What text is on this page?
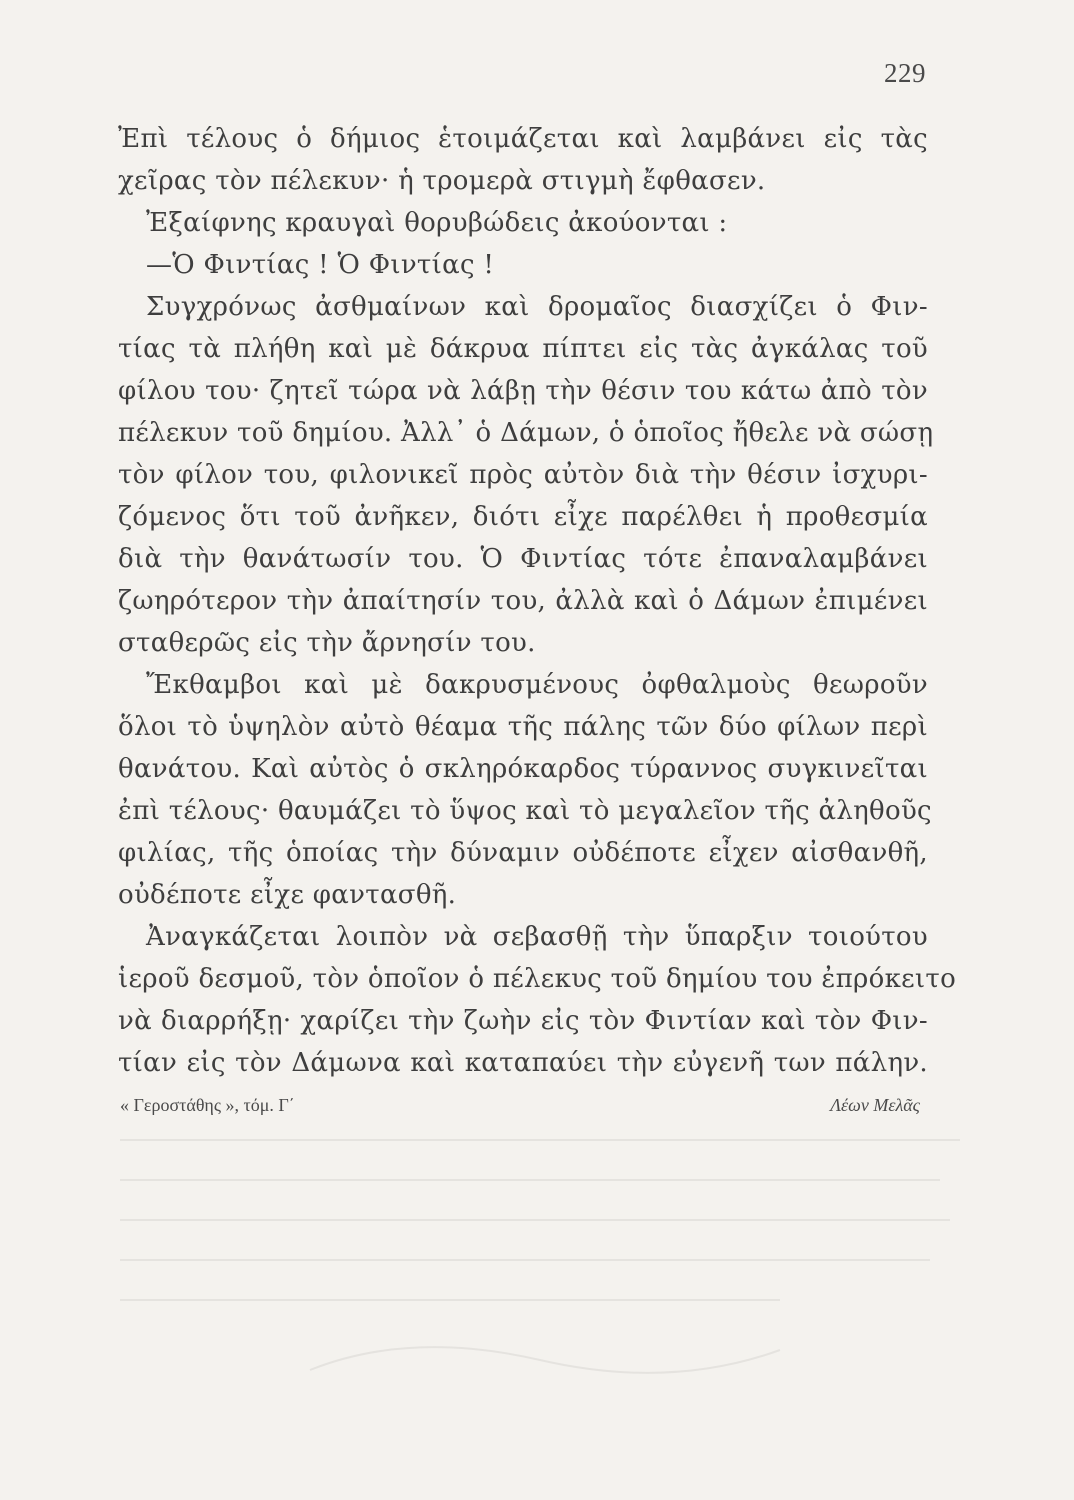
229
Ἐπὶ τέλους ὁ δήμιος ἑτοιμάζεται καὶ λαμβάνει εἰς τὰς
χεῖρας τὸν πέλεκυν· ἡ τρομερὰ στιγμὴ ἔφθασεν.
Ἐξαίφνης κραυγαὶ θορυβώδεις ἀκούονται :
—Ὁ Φιντίας ! Ὁ Φιντίας !
Συγχρόνως ἀσθμαίνων καὶ δρομαῖος διασχίζει ὁ Φιν-
τίας τὰ πλήθη καὶ μὲ δάκρυα πίπτει εἰς τὰς ἀγκάλας τοῦ
φίλου του· ζητεῖ τώρα νὰ λάβῃ τὴν θέσιν του κάτω ἀπὸ τὸν
πέλεκυν τοῦ δημίου. Ἀλλ᾽ ὁ Δάμων, ὁ ὁποῖος ἤθελε νὰ σώσῃ
τὸν φίλον του, φιλονικεῖ πρὸς αὐτὸν διὰ τὴν θέσιν ἰσχυρι-
ζόμενος ὅτι τοῦ ἀνῆκεν, διότι εἶχε παρέλθει ἡ προθεσμία
διὰ τὴν θανάτωσίν του. Ὁ Φιντίας τότε ἐπαναλαμβάνει
ζωηρότερον τὴν ἀπαίτησίν του, ἀλλὰ καὶ ὁ Δάμων ἐπιμένει
σταθερῶς εἰς τὴν ἄρνησίν του.
Ἔκθαμβοι καὶ μὲ δακρυσμένους ὀφθαλμοὺς θεωροῦν
ὅλοι τὸ ὑψηλὸν αὐτὸ θέαμα τῆς πάλης τῶν δύο φίλων περὶ
θανάτου. Καὶ αὐτὸς ὁ σκληρόκαρδος τύραννος συγκινεῖται
ἐπὶ τέλους· θαυμάζει τὸ ὕψος καὶ τὸ μεγαλεῖον τῆς ἀληθοῦς
φιλίας, τῆς ὁποίας τὴν δύναμιν οὐδέποτε εἶχεν αἰσθανθῆ,
οὐδέποτε εἶχε φαντασθῆ.
Ἀναγκάζεται λοιπὸν νὰ σεβασθῇ τὴν ὕπαρξιν τοιούτου
ἱεροῦ δεσμοῦ, τὸν ὁποῖον ὁ πέλεκυς τοῦ δημίου του ἐπρόκειτο
νὰ διαρρήξῃ· χαρίζει τὴν ζωὴν εἰς τὸν Φιντίαν καὶ τὸν Φιν-
τίαν εἰς τὸν Δάμωνα καὶ καταπαύει τὴν εὐγενῆ των πάλην.
« Γεροστάθης », τόμ. Γ΄	Λέων Μελᾶς
